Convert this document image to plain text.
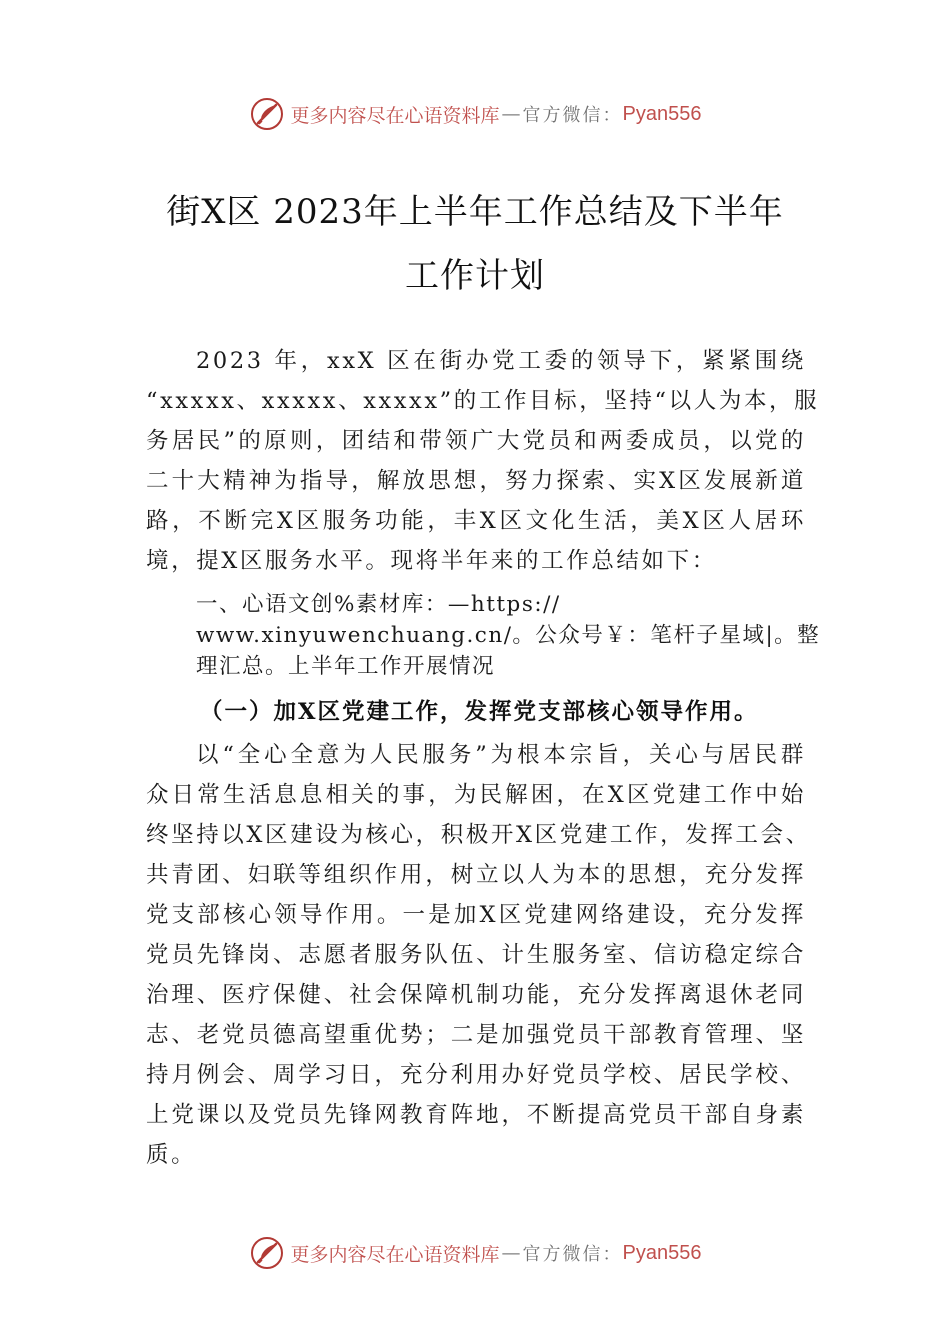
更多内容尽在心语资料库 — 官方微信： Pyan556
街X区 2023年上半年工作总结及下半年
工作计划
2023 年，xxX 区在街办党工委的领导下，紧紧围绕
“xxxxx、xxxxx、xxxxx”的工作目标，坚持“以人为本，服
务居民”的原则，团结和带领广大党员和两委成员，以党的
二十大精神为指导，解放思想，努力探索、实X区发展新道
路，不断完X区服务功能，丰X区文化生活，美X区人居环
境，提X区服务水平。现将半年来的工作总结如下：
一、心语文创%素材库：—https://
www.xinyuwenchuang.cn/。公众号￥：笔杆子星域|。整
理汇总。上半年工作开展情况
（一）加X区党建工作，发挥党支部核心领导作用。
以“全心全意为人民服务”为根本宗旨，关心与居民群
众日常生活息息相关的事，为民解困，在X区党建工作中始
终坚持以X区建设为核心，积极开X区党建工作，发挥工会、
共青团、妇联等组织作用，树立以人为本的思想，充分发挥
党支部核心领导作用。一是加X区党建网络建设，充分发挥
党员先锋岗、志愿者服务队伍、计生服务室、信访稳定综合
治理、医疗保健、社会保障机制功能，充分发挥离退休老同
志、老党员德高望重优势；二是加强党员干部教育管理、坚
持月例会、周学习日，充分利用办好党员学校、居民学校、
上党课以及党员先锋网教育阵地，不断提高党员干部自身素
质。
更多内容尽在心语资料库 — 官方微信： Pyan556
